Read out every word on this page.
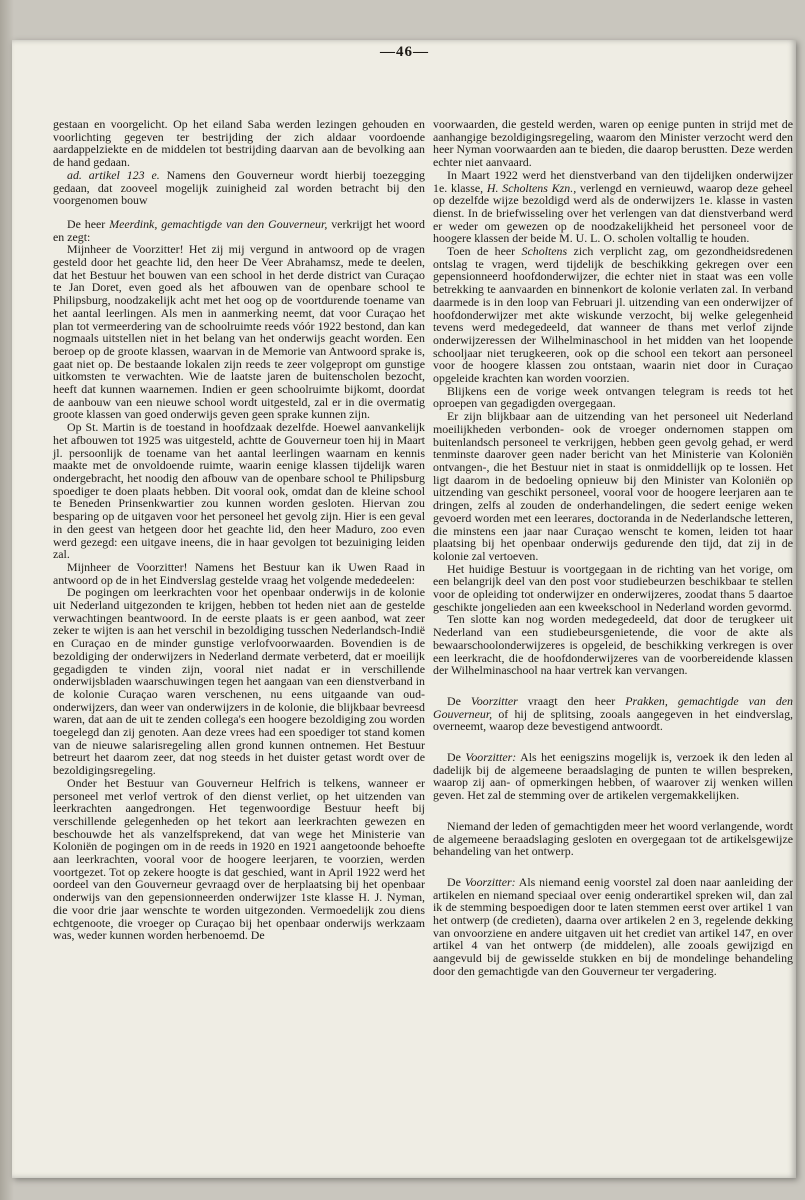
—46—

gestaan en voorgelicht. Op het eiland Saba werden lezingen gehouden en voorlichting gegeven ter bestrijding der zich aldaar voordoende aardappelziekte en de middelen tot bestrijding daarvan aan de bevolking aan de hand gedaan.

ad. artikel 123 e. Namens den Gouverneur wordt hierbij toezegging gedaan, dat zooveel mogelijk zuinigheid zal worden betracht bij den voorgenomen bouw

De heer Meerdink, gemachtigde van den Gouverneur, verkrijgt het woord en zegt:

Mijnheer de Voorzitter! Het zij mij vergund in antwoord op de vragen gesteld door het geachte lid, den heer De Veer Abrahamsz, mede te deelen, dat het Bestuur het bouwen van een school in het derde district van Curaçao te Jan Doret, even goed als het afbouwen van de openbare school te Philipsburg, noodzakelijk acht met het oog op de voortdurende toename van het aantal leerlingen. Als men in aanmerking neemt, dat voor Curaçao het plan tot vermeerdering van de schoolruimte reeds vóór 1922 bestond, dan kan nogmaals uitstellen niet in het belang van het onderwijs geacht worden. Een beroep op de groote klassen, waarvan in de Memorie van Antwoord sprake is, gaat niet op. De bestaande lokalen zijn reeds te zeer volgepropt om gunstige uitkomsten te verwachten. Wie de laatste jaren de buitenscholen bezocht, heeft dat kunnen waarnemen. Indien er geen schoolruimte bijkomt, doordat de aanbouw van een nieuwe school wordt uitgesteld, zal er in die overmatig groote klassen van goed onderwijs geven geen sprake kunnen zijn.

Op St. Martin is de toestand in hoofdzaak dezelfde. Hoewel aanvankelijk het afbouwen tot 1925 was uitgesteld, achtte de Gouverneur toen hij in Maart jl. persoonlijk de toename van het aantal leerlingen waarnam en kennis maakte met de onvoldoende ruimte, waarin eenige klassen tijdelijk waren ondergebracht, het noodig den afbouw van de openbare school te Philipsburg spoediger te doen plaats hebben. Dit vooral ook, omdat dan de kleine school te Beneden Prinsenkwartier zou kunnen worden gesloten. Hiervan zou besparing op de uitgaven voor het personeel het gevolg zijn. Hier is een geval in den geest van hetgeen door het geachte lid, den heer Maduro, zoo even werd gezegd: een uitgave ineens, die in haar gevolgen tot bezuiniging leiden zal.

Mijnheer de Voorzitter! Namens het Bestuur kan ik Uwen Raad in antwoord op de in het Eindverslag gestelde vraag het volgende mededeelen:

De pogingen om leerkrachten voor het openbaar onderwijs in de kolonie uit Nederland uitgezonden te krijgen, hebben tot heden niet aan de gestelde verwachtingen beantwoord. In de eerste plaats is er geen aanbod, wat zeer zeker te wijten is aan het verschil in bezoldiging tusschen Nederlandsch-Indië en Curaçao en de minder gunstige verlofvoorwaarden. Bovendien is de bezoldiging der onderwijzers in Nederland dermate verbeterd, dat er moeilijk gegadigden te vinden zijn, vooral niet nadat er in verschillende onderwijsbladen waarschuwingen tegen het aangaan van een dienstverband in de kolonie Curaçao waren verschenen, nu eens uitgaande van oud-onderwijzers, dan weer van onderwijzers in de kolonie, die blijkbaar bevreesd waren, dat aan de uit te zenden collega's een hoogere bezoldiging zou worden toegelegd dan zij genoten. Aan deze vrees had een spoediger tot stand komen van de nieuwe salarisregeling allen grond kunnen ontnemen. Het Bestuur betreurt het daarom zeer, dat nog steeds in het duister getast wordt over de bezoldigingsregeling.

Onder het Bestuur van Gouverneur Helfrich is telkens, wanneer er personeel met verlof vertrok of den dienst verliet, op het uitzenden van leerkrachten aangedrongen. Het tegenwoordige Bestuur heeft bij verschillende gelegenheden op het tekort aan leerkrachten gewezen en beschouwde het als vanzelfsprekend, dat van wege het Ministerie van Koloniën de pogingen om in de reeds in 1920 en 1921 aangetoonde behoefte aan leerkrachten, vooral voor de hoogere leerjaren, te voorzien, werden voortgezet. Tot op zekere hoogte is dat geschied, want in April 1922 werd het oordeel van den Gouverneur gevraagd over de herplaatsing bij het openbaar onderwijs van den gepensionneerden onderwijzer 1ste klasse H. J. Nyman, die voor drie jaar wenschte te worden uitgezonden. Vermoedelijk zou diens echtgenoote, die vroeger op Curaçao bij het openbaar onderwijs werkzaam was, weder kunnen worden herbenoemd. De

voorwaarden, die gesteld werden, waren op eenige punten in strijd met de aanhangige bezoldigingsregeling, waarom den Minister verzocht werd den heer Nyman voorwaarden aan te bieden, die daarop berustten. Deze werden echter niet aanvaard.

In Maart 1922 werd het dienstverband van den tijdelijken onderwijzer 1e. klasse, H. Scholtens Kzn., verlengd en vernieuwd, waarop deze geheel op dezelfde wijze bezoldigd werd als de onderwijzers 1e. klasse in vasten dienst. In de briefwisseling over het verlengen van dat dienstverband werd er weder om gewezen op de noodzakelijkheid het personeel voor de hoogere klassen der beide M. U. L. O. scholen voltallig te houden.

Toen de heer Scholtens zich verplicht zag, om gezondheidsredenen ontslag te vragen, werd tijdelijk de beschikking gekregen over een gepensionneerd hoofdonderwijzer, die echter niet in staat was een volle betrekking te aanvaarden en binnenkort de kolonie verlaten zal. In verband daarmede is in den loop van Februari jl. uitzending van een onderwijzer of hoofdonderwijzer met akte wiskunde verzocht, bij welke gelegenheid tevens werd medegedeeld, dat wanneer de thans met verlof zijnde onderwijzeressen der Wilhelminaschool in het midden van het loopende schooljaar niet terugkeeren, ook op die school een tekort aan personeel voor de hoogere klassen zou ontstaan, waarin niet door in Curaçao opgeleide krachten kan worden voorzien.

Blijkens een de vorige week ontvangen telegram is reeds tot het oproepen van gegadigden overgegaan.

Er zijn blijkbaar aan de uitzending van het personeel uit Nederland moeilijkheden verbonden- ook de vroeger ondernomen stappen om buitenlandsch personeel te verkrijgen, hebben geen gevolg gehad, er werd tenminste daarover geen nader bericht van het Ministerie van Koloniën ontvangen-, die het Bestuur niet in staat is onmiddellijk op te lossen. Het ligt daarom in de bedoeling opnieuw bij den Minister van Koloniën op uitzending van geschikt personeel, vooral voor de hoogere leerjaren aan te dringen, zelfs al zouden de onderhandelingen, die sedert eenige weken gevoerd worden met een leerares, doctoranda in de Nederlandsche letteren, die minstens een jaar naar Curaçao wenscht te komen, leiden tot haar plaatsing bij het openbaar onderwijs gedurende den tijd, dat zij in de kolonie zal vertoeven.

Het huidige Bestuur is voortgegaan in de richting van het vorige, om een belangrijk deel van den post voor studiebeurzen beschikbaar te stellen voor de opleiding tot onderwijzer en onderwijzeres, zoodat thans 5 daartoe geschikte jongelieden aan een kweekschool in Nederland worden gevormd.

Ten slotte kan nog worden medegedeeld, dat door de terugkeer uit Nederland van een studiebeursgenietende, die voor de akte als bewaarschoolonderwijzeres is opgeleid, de beschikking verkregen is over een leerkracht, die de hoofdonderwijzeres van de voorbereidende klassen der Wilhelminaschool na haar vertrek kan vervangen.

De Voorzitter vraagt den heer Prakken, gemachtigde van den Gouverneur, of hij de splitsing, zooals aangegeven in het eindverslag, overneemt, waarop deze bevestigend antwoordt.

De Voorzitter: Als het eenigszins mogelijk is, verzoek ik den leden al dadelijk bij de algemeene beraadslaging de punten te willen bespreken, waarop zij aan- of opmerkingen hebben, of waarover zij wenken willen geven. Het zal de stemming over de artikelen vergemakkelijken.

Niemand der leden of gemachtigden meer het woord verlangende, wordt de algemeene beraadslaging gesloten en overgegaan tot de artikelsgewijze behandeling van het ontwerp.

De Voorzitter: Als niemand eenig voorstel zal doen naar aanleiding der artikelen en niemand speciaal over eenig onderartikel spreken wil, dan zal ik de stemming bespoedigen door te laten stemmen eerst over artikel 1 van het ontwerp (de credieten), daarna over artikelen 2 en 3, regelende dekking van onvoorziene en andere uitgaven uit het crediet van artikel 147, en over artikel 4 van het ontwerp (de middelen), alle zooals gewijzigd en aangevuld bij de gewisselde stukken en bij de mondelinge behandeling door den gemachtigde van den Gouverneur ter vergadering.
